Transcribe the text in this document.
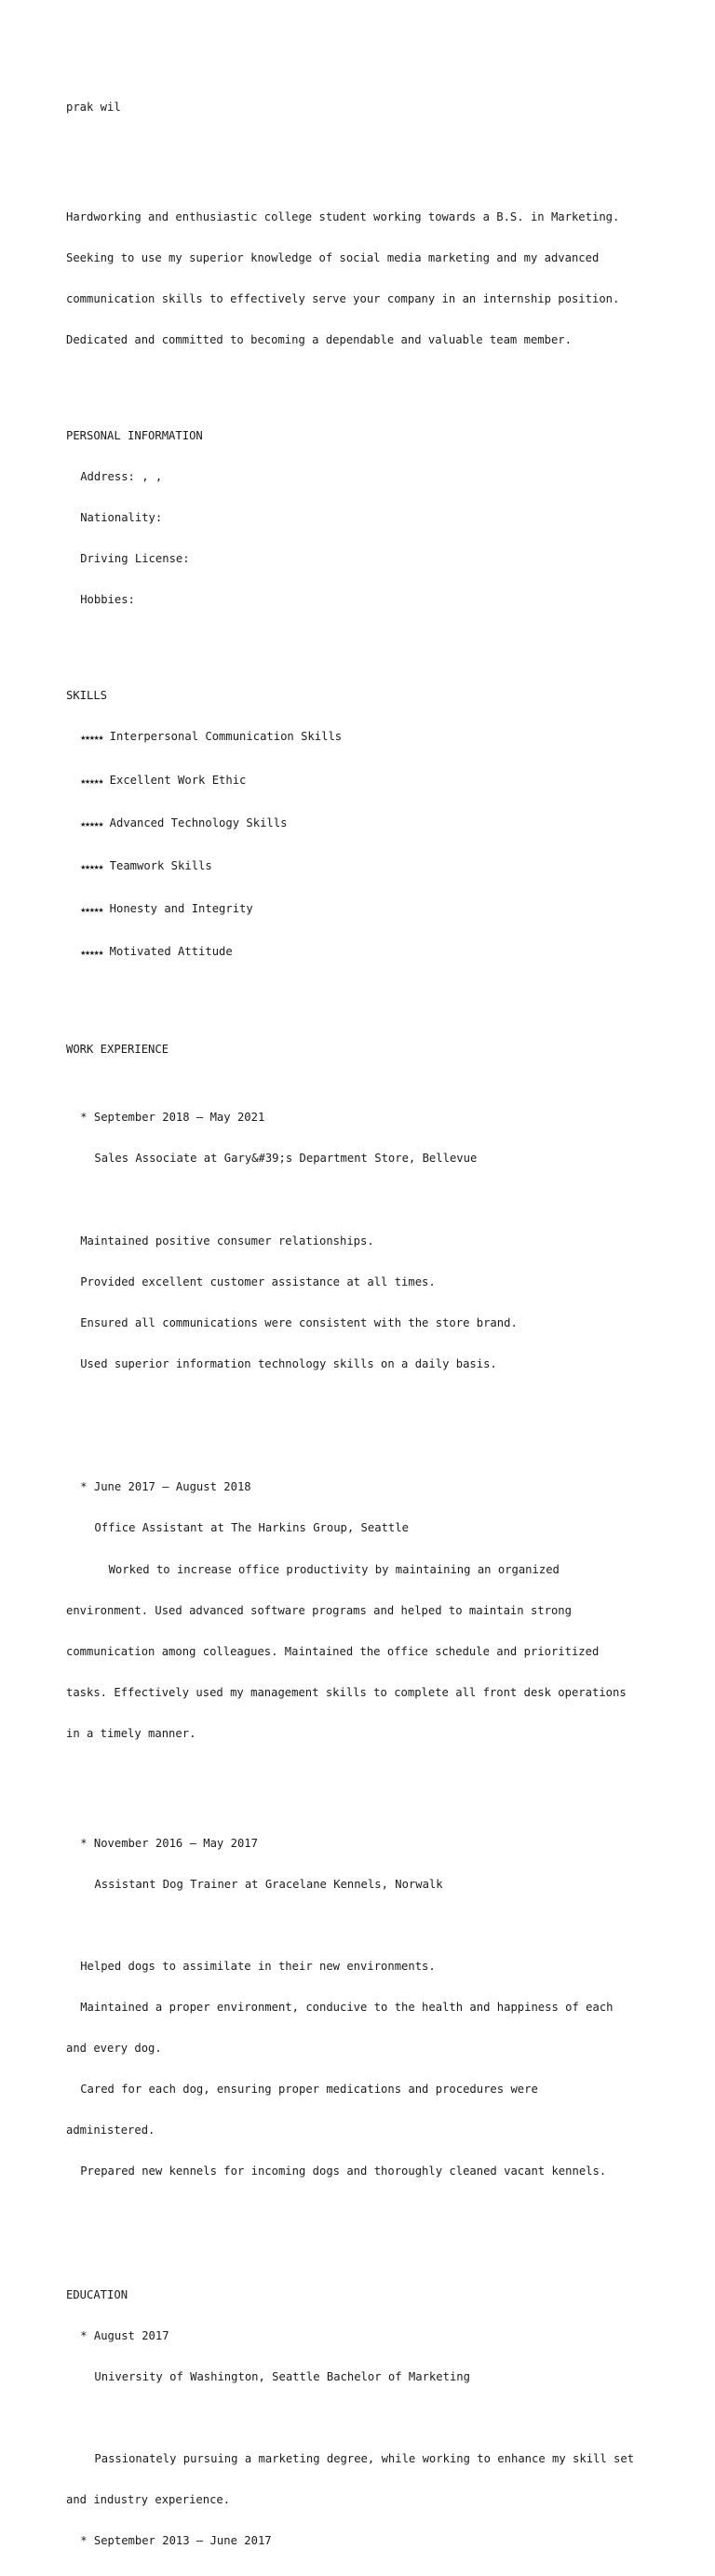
prak wil

Hardworking and enthusiastic college student working towards a B.S. in Marketing.

Seeking to use my superior knowledge of social media marketing and my advanced

communication skills to effectively serve your company in an internship position.

Dedicated and committed to becoming a dependable and valuable team member.

PERSONAL INFORMATION

Address: , ,

Nationality:

Driving License:

Hobbies:

SKILLS

★★★★★ Interpersonal Communication Skills

★★★★★ Excellent Work Ethic

★★★★★ Advanced Technology Skills

★★★★★ Teamwork Skills

★★★★★ Honesty and Integrity

★★★★★ Motivated Attitude

WORK EXPERIENCE

* September 2018 – May 2021

Sales Associate at Gary&#39;s Department Store, Bellevue

Maintained positive consumer relationships.

Provided excellent customer assistance at all times.

Ensured all communications were consistent with the store brand.

Used superior information technology skills on a daily basis.

* June 2017 – August 2018

Office Assistant at The Harkins Group, Seattle

Worked to increase office productivity by maintaining an organized

environment. Used advanced software programs and helped to maintain strong

communication among colleagues. Maintained the office schedule and prioritized

tasks. Effectively used my management skills to complete all front desk operations

in a timely manner.

* November 2016 – May 2017

Assistant Dog Trainer at Gracelane Kennels, Norwalk

Helped dogs to assimilate in their new environments.

Maintained a proper environment, conducive to the health and happiness of each

and every dog.

Cared for each dog, ensuring proper medications and procedures were

administered.

Prepared new kennels for incoming dogs and thoroughly cleaned vacant kennels.

EDUCATION

* August 2017

University of Washington, Seattle Bachelor of Marketing

Passionately pursuing a marketing degree, while working to enhance my skill set

and industry experience.

* September 2013 – June 2017
